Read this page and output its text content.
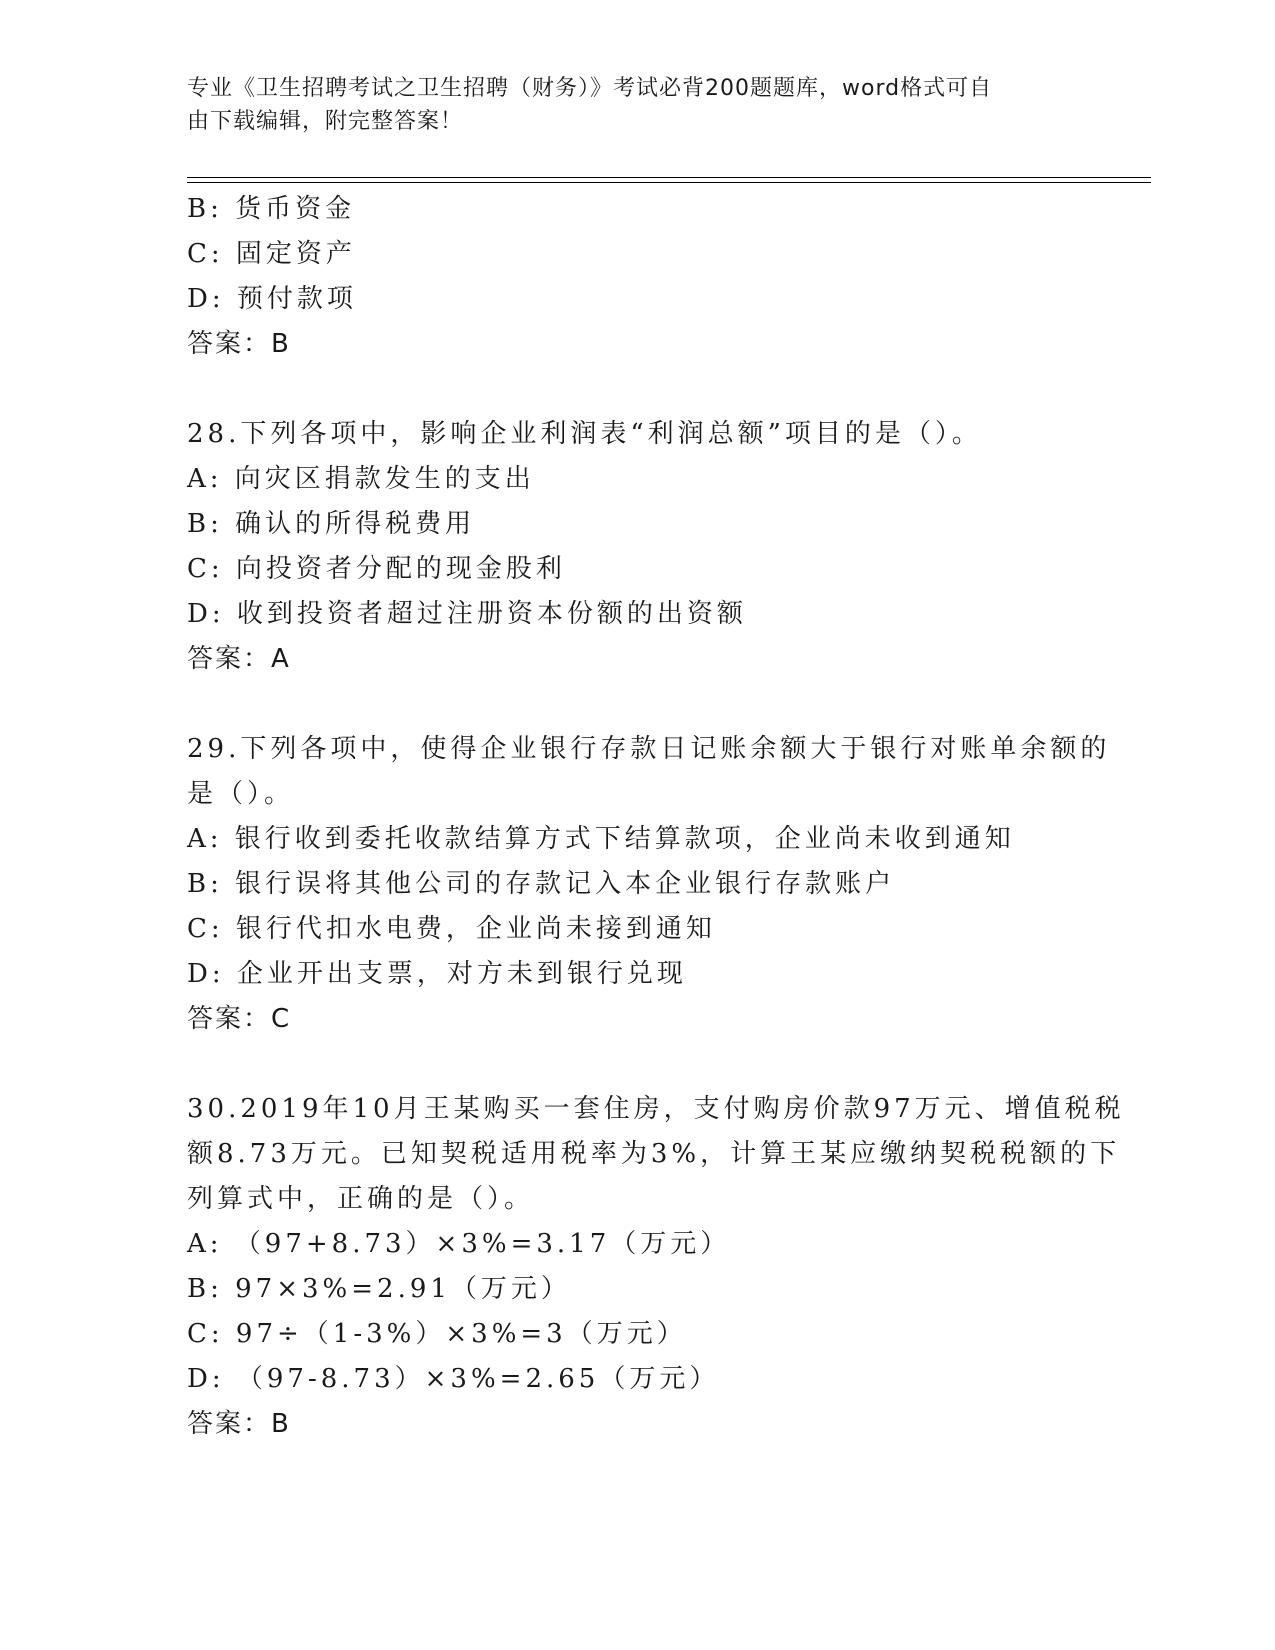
专业《卫生招聘考试之卫生招聘（财务）》考试必背200题题库，word格式可自
由下载编辑，附完整答案！
B: 货币资金
C: 固定资产
D: 预付款项
答案：B
28.下列各项中，影响企业利润表“利润总额”项目的是（）。
A: 向灾区捐款发生的支出
B: 确认的所得税费用
C: 向投资者分配的现金股利
D: 收到投资者超过注册资本份额的出资额
答案：A
29.下列各项中，使得企业银行存款日记账余额大于银行对账单余额的
是（）。
A: 银行收到委托收款结算方式下结算款项，企业尚未收到通知
B: 银行误将其他公司的存款记入本企业银行存款账户
C: 银行代扣水电费，企业尚未接到通知
D: 企业开出支票，对方未到银行兑现
答案：C
30.2019年10月王某购买一套住房，支付购房价款97万元、增值税税
额8.73万元。已知契税适用税率为3%，计算王某应缴纳契税税额的下
列算式中，正确的是（）。
A: （97+8.73）×3%=3.17（万元）
B: 97×3%=2.91（万元）
C: 97÷（1-3%）×3%=3（万元）
D: （97-8.73）×3%=2.65（万元）
答案：B
